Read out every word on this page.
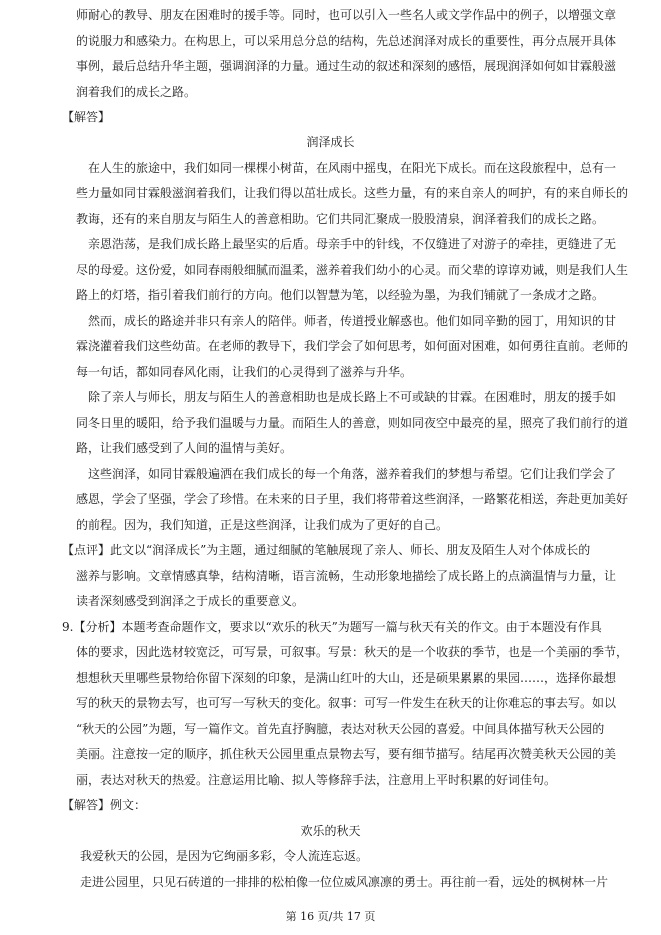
师耐心的教导、朋友在困难时的援手等。同时，也可以引入一些名人或文学作品中的例子，以增强文章
的说服力和感染力。在构思上，可以采用总分总的结构，先总述润泽对成长的重要性，再分点展开具体
事例，最后总结升华主题，强调润泽的力量。通过生动的叙述和深刻的感悟，展现润泽如何如甘霖般滋
润着我们的成长之路。
【解答】
润泽成长
在人生的旅途中，我们如同一棵棵小树苗，在风雨中摇曳，在阳光下成长。而在这段旅程中，总有一
些力量如同甘霖般滋润着我们，让我们得以茁壮成长。这些力量，有的来自亲人的呵护，有的来自师长的
教诲，还有的来自朋友与陌生人的善意相助。它们共同汇聚成一股股清泉，润泽着我们的成长之路。
亲恩浩荡，是我们成长路上最坚实的后盾。母亲手中的针线，不仅缝进了对游子的牵挂，更缝进了无
尽的母爱。这份爱，如同春雨般细腻而温柔，滋养着我们幼小的心灵。而父辈的谆谆劝诫，则是我们人生
路上的灯塔，指引着我们前行的方向。他们以智慧为笔，以经验为墨，为我们铺就了一条成才之路。
然而，成长的路途并非只有亲人的陪伴。师者，传道授业解惑也。他们如同辛勤的园丁，用知识的甘
霖浇灌着我们这些幼苗。在老师的教导下，我们学会了如何思考，如何面对困难，如何勇往直前。老师的
每一句话，都如同春风化雨，让我们的心灵得到了滋养与升华。
除了亲人与师长，朋友与陌生人的善意相助也是成长路上不可或缺的甘霖。在困难时，朋友的援手如
同冬日里的暖阳，给予我们温暖与力量。而陌生人的善意，则如同夜空中最亮的星，照亮了我们前行的道
路，让我们感受到了人间的温情与美好。
这些润泽，如同甘霖般遍洒在我们成长的每一个角落，滋养着我们的梦想与希望。它们让我们学会了
感恩，学会了坚强，学会了珍惜。在未来的日子里，我们将带着这些润泽，一路繁花相送，奔赴更加美好
的前程。因为，我们知道，正是这些润泽，让我们成为了更好的自己。
【点评】此文以“润泽成长”为主题，通过细腻的笔触展现了亲人、师长、朋友及陌生人对个体成长的
滋养与影响。文章情感真挚，结构清晰，语言流畅，生动形象地描绘了成长路上的点滴温情与力量，让
读者深刻感受到润泽之于成长的重要意义。
9.【分析】本题考查命题作文，要求以“欢乐的秋天”为题写一篇与秋天有关的作文。由于本题没有作具
体的要求，因此选材较宽泛，可写景，可叙事。写景：秋天的是一个收获的季节，也是一个美丽的季节，
想想秋天里哪些景物给你留下深刻的印象，是满山红叶的大山，还是硕果累累的果园……，选择你最想
写的秋天的景物去写，也可写一写秋天的变化。叙事：可写一件发生在秋天的让你难忘的事去写。如以
“秋天的公园”为题，写一篇作文。首先直抒胸臆，表达对秋天公园的喜爱。中间具体描写秋天公园的
美丽。注意按一定的顺序，抓住秋天公园里重点景物去写，要有细节描写。结尾再次赞美秋天公园的美
丽，表达对秋天的热爱。注意运用比喻、拟人等修辞手法，注意用上平时积累的好词佳句。
【解答】例文：
欢乐的秋天
我爱秋天的公园，是因为它绚丽多彩，令人流连忘返。
走进公园里，只见石砖道的一排排的松柏像一位位威风凛凛的勇士。再往前一看，远处的枫树林一片
第 16 页/共 17 页
